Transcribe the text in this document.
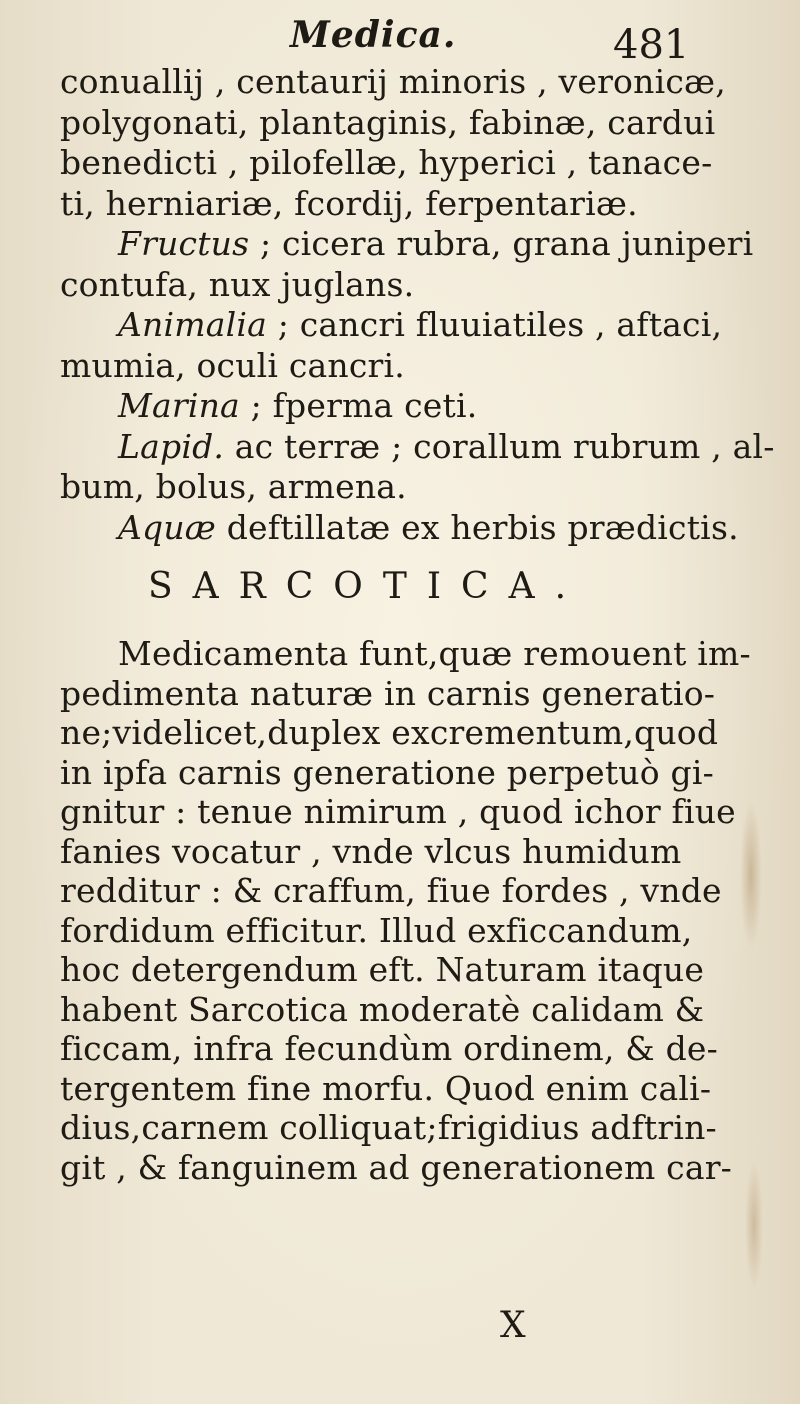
Medica.	481
conuallij , centaurij minoris , veronicæ,
polygonati, plantaginis, fabinæ, cardui
benedicti , pilofellæ, hyperici , tanace-
ti, herniariæ, fcordij, ferpentariæ.
Fructus ; cicera rubra, grana juniperi
contufa, nux juglans.
Animalia ; cancri fluuiatiles , aftaci,
mumia, oculi cancri.
Marina ; fperma ceti.
Lapid. ac terræ ; corallum rubrum , al-
bum, bolus, armena.
Aquæ deftillatæ ex herbis prædictis.
SARCOTICA.
Medicamenta funt,quæ remouent im-
pedimenta naturæ in carnis generatio-
ne;videlicet,duplex excrementum,quod
in ipfa carnis generatione perpetuò gi-
gnitur : tenue nimirum , quod ichor fiue
fanies vocatur , vnde vlcus humidum
redditur : & craffum, fiue fordes , vnde
fordidum efficitur. Illud exficcandum,
hoc detergendum eft. Naturam itaque
habent Sarcotica moderatè calidam &
ficcam, infra fecundùm ordinem, & de-
tergentem fine morfu. Quod enim cali-
dius,carnem colliquat;frigidius adftrin-
git , & fanguinem ad generationem car-
X
